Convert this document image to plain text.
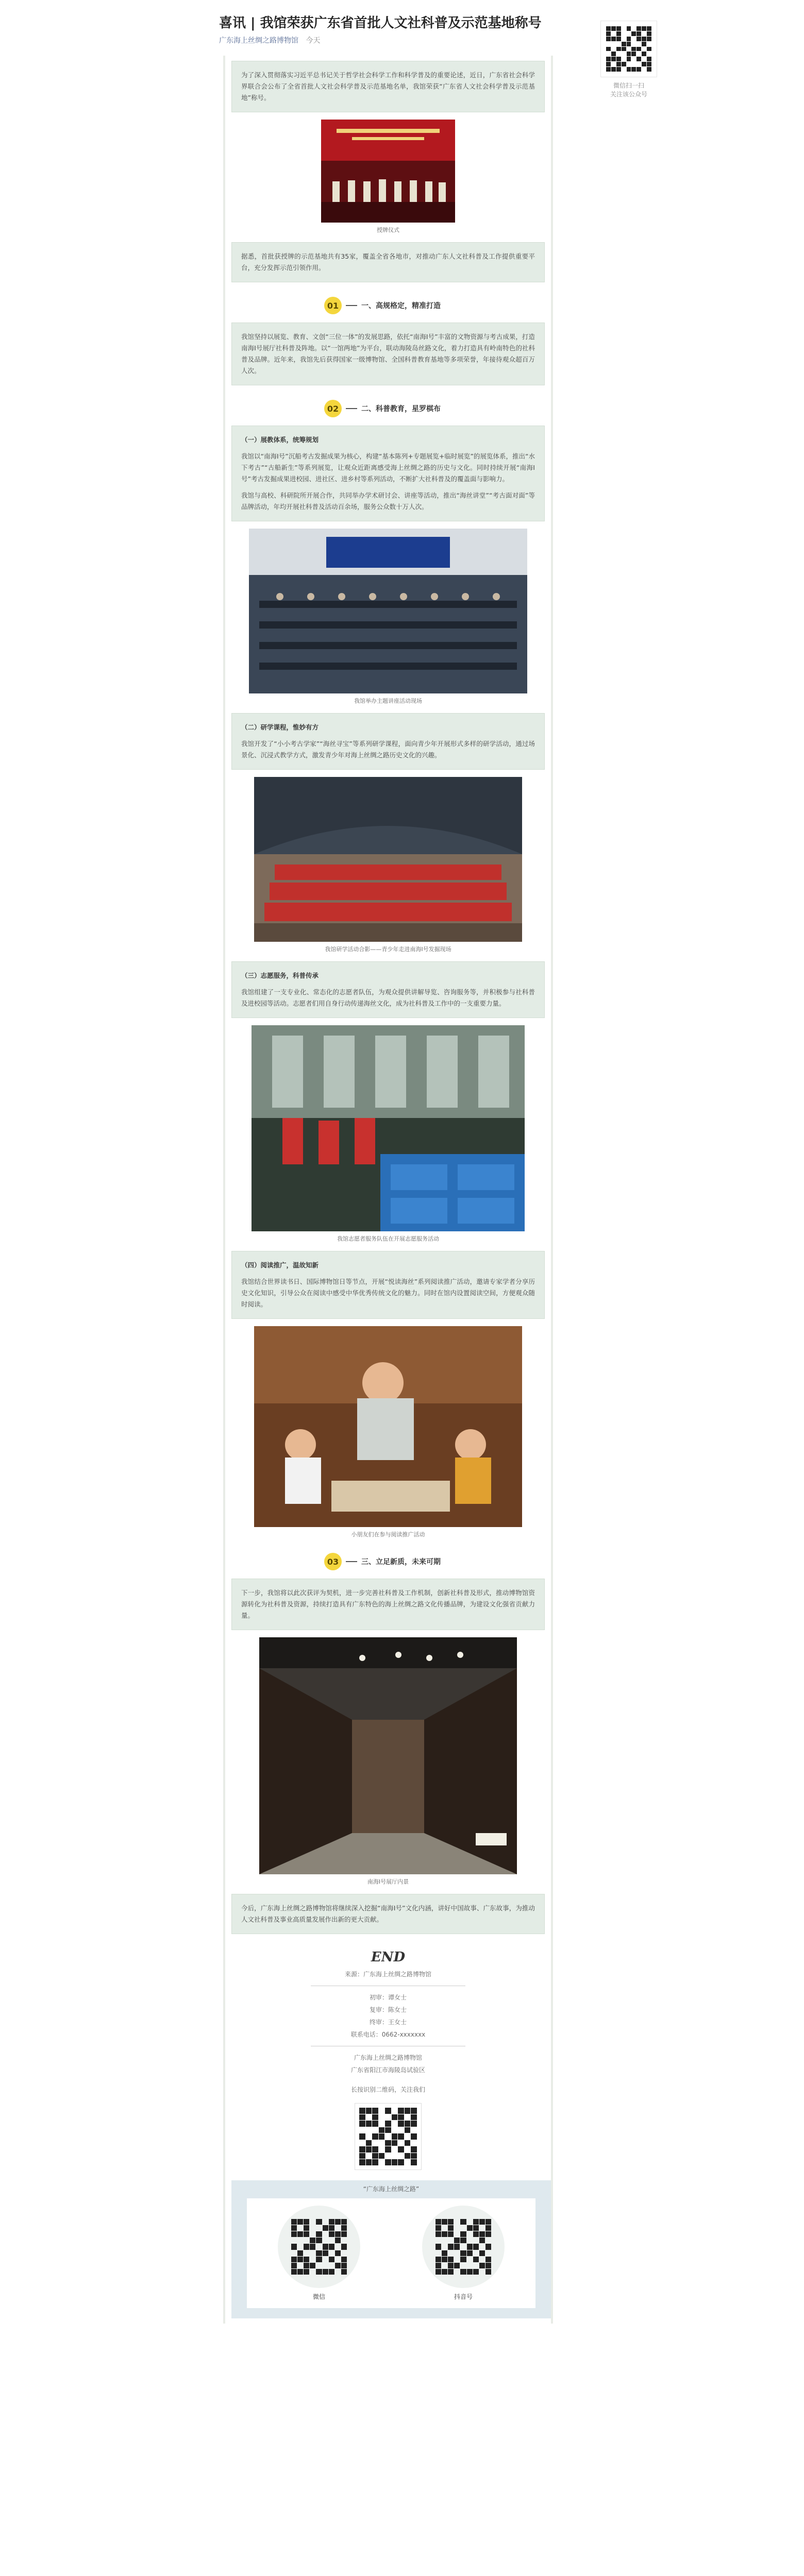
喜讯 | 我馆荣获广东省首批人文社科普及示范基地称号
广东海上丝绸之路博物馆 今天

为了深入贯彻落实习近平总书记关于哲学社会科学工作和科学普及的重要论述，近日，广东省社会科学界联合会公布了全省首批人文社会科学普及示范基地名单，我馆荣获“广东省人文社会科学普及示范基地”称号。

授牌仪式

据悉，首批获授牌的示范基地共有35家，覆盖全省各地市，对推动广东人文社科普及工作提供重要平台，充分发挥示范引领作用。

01	一、高规格定，精准打造

我馆坚持以展览、教育、文创“三位一体”的发展思路，依托“南海Ⅰ号”丰富的文物资源与考古成果，打造南海Ⅰ号展厅社科普及阵地。以“一馆两地”为平台，联动海陵岛丝路文化，着力打造具有岭南特色的社科普及品牌。近年来，我馆先后获得国家一级博物馆、全国科普教育基地等多项荣誉，年接待观众超百万人次。

02	二、科普教育，星罗棋布

（一）展教体系，统筹规划

我馆以“南海Ⅰ号”沉船考古发掘成果为核心，构建“基本陈列+专题展览+临时展览”的展览体系，推出“水下考古”“古船新生”等系列展览，让观众近距离感受海上丝绸之路的历史与文化。同时持续开展“南海Ⅰ号”考古发掘成果进校园、进社区、进乡村等系列活动，不断扩大社科普及的覆盖面与影响力。

我馆与高校、科研院所开展合作，共同举办学术研讨会、讲座等活动，推出“海丝讲堂”“考古面对面”等品牌活动，年均开展社科普及活动百余场，服务公众数十万人次。

我馆举办主题讲座活动现场

（二）研学课程，惟妙有方

我馆开发了“小小考古学家”“海丝寻宝”等系列研学课程，面向青少年开展形式多样的研学活动，通过场景化、沉浸式教学方式，激发青少年对海上丝绸之路历史文化的兴趣。

我馆研学活动合影——青少年走进南海Ⅰ号发掘现场

（三）志愿服务，科普传承

我馆组建了一支专业化、常态化的志愿者队伍，为观众提供讲解导览、咨询服务等，并积极参与社科普及进校园等活动。志愿者们用自身行动传递海丝文化，成为社科普及工作中的一支重要力量。

我馆志愿者服务队伍在开展志愿服务活动

（四）阅读推广，温故知新

我馆结合世界读书日、国际博物馆日等节点，开展“悦读海丝”系列阅读推广活动，邀请专家学者分享历史文化知识，引导公众在阅读中感受中华优秀传统文化的魅力。同时在馆内设置阅读空间，方便观众随时阅读。

小朋友们在参与阅读推广活动
03	三、立足新质，未来可期

下一步，我馆将以此次获评为契机，进一步完善社科普及工作机制，创新社科普及形式，推动博物馆资源转化为社科普及资源，持续打造具有广东特色的海上丝绸之路文化传播品牌，为建设文化强省贡献力量。

南海Ⅰ号展厅内景

今后，广东海上丝绸之路博物馆将继续深入挖掘“南海Ⅰ号”文化内涵，讲好中国故事、广东故事，为推动人文社科普及事业高质量发展作出新的更大贡献。

END
来源：广东海上丝绸之路博物馆
初审：谭女士
复审：陈女士
终审：王女士
联系电话：0662-xxxxxxx
广东海上丝绸之路博物馆
广东省阳江市海陵岛试验区
长按识别二维码，关注我们
“广东海上丝绸之路”
微信	抖音号
微信扫一扫
关注该公众号
